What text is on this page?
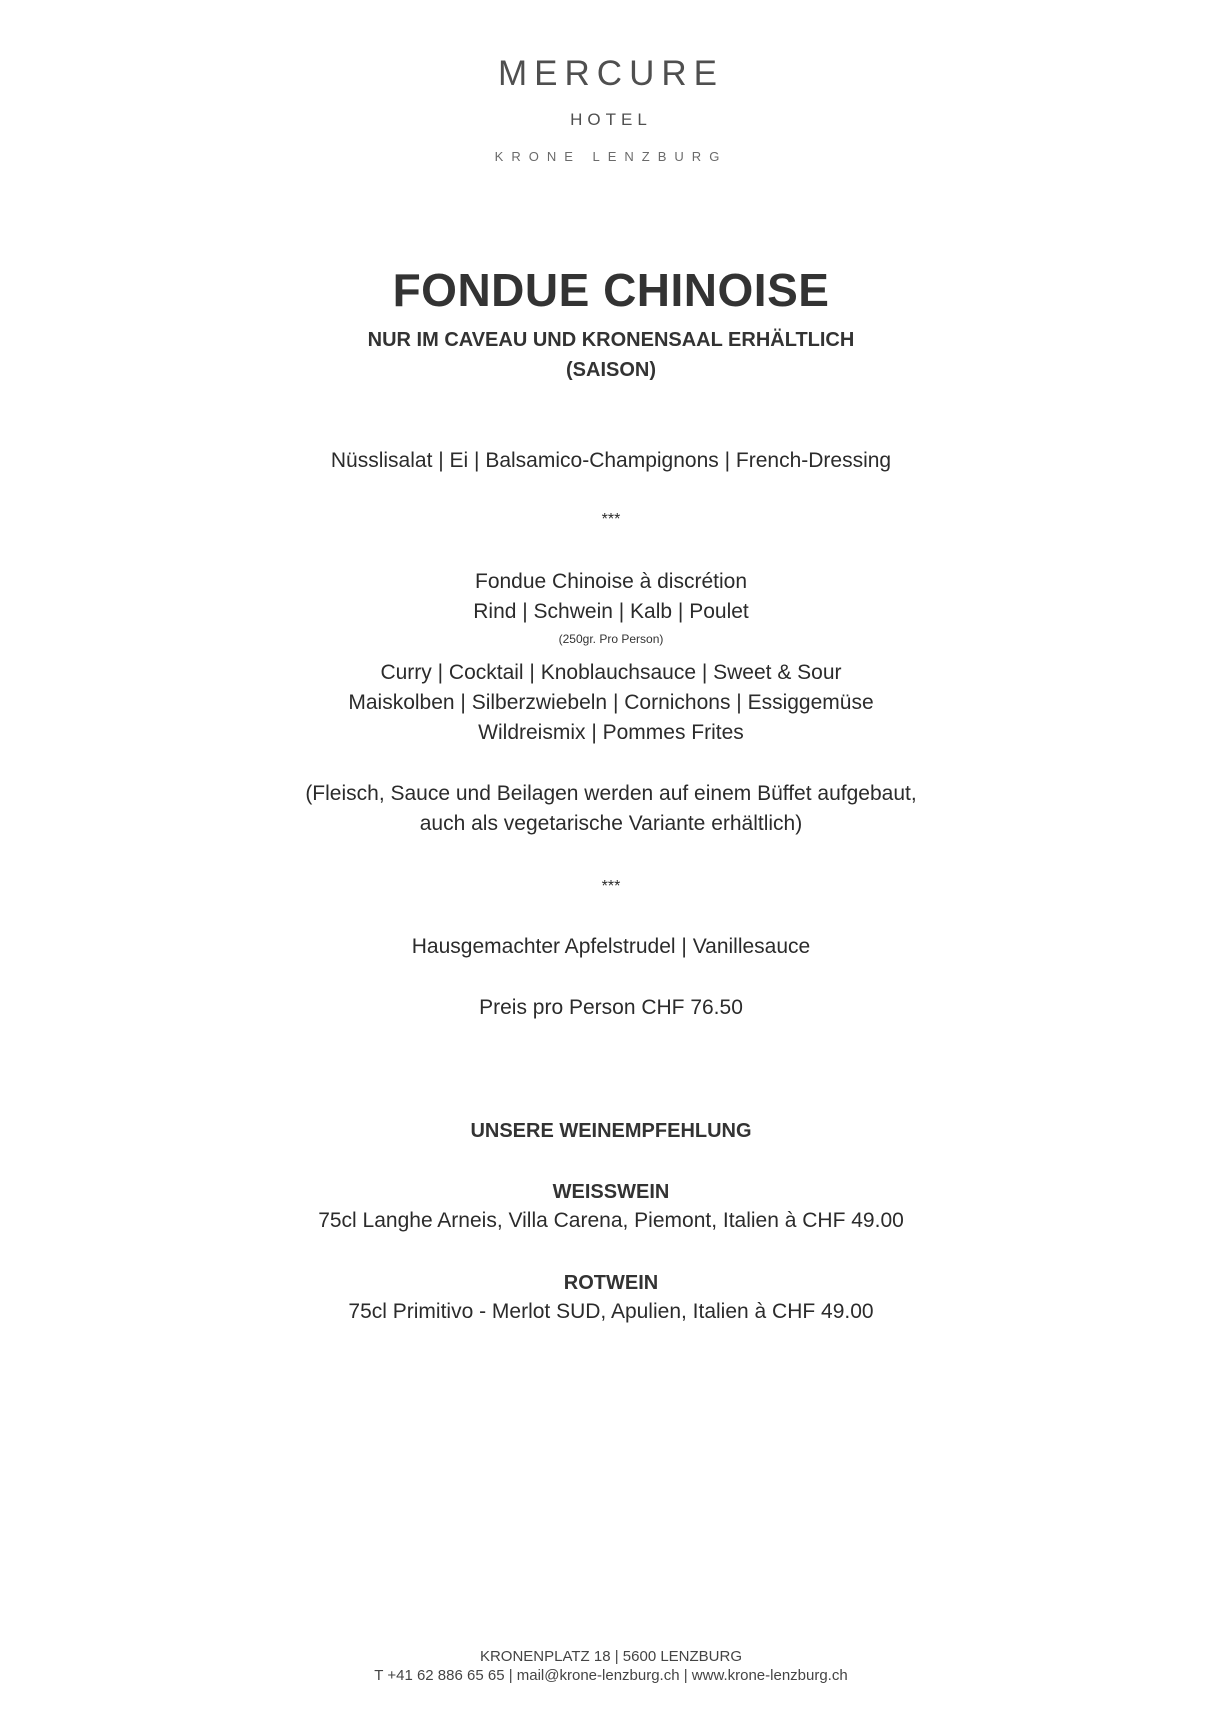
MERCURE
HOTEL
KRONE LENZBURG
FONDUE CHINOISE
NUR IM CAVEAU UND KRONENSAAL ERHÄLTLICH
(SAISON)
Nüsslisalat | Ei | Balsamico-Champignons | French-Dressing
***
Fondue Chinoise à discrétion
Rind | Schwein | Kalb | Poulet
(250gr. Pro Person)
Curry | Cocktail | Knoblauchsauce | Sweet & Sour
Maiskolben | Silberzwiebeln | Cornichons | Essiggemüse
Wildreismix | Pommes Frites
(Fleisch, Sauce und Beilagen werden auf einem Büffet aufgebaut,
auch als vegetarische Variante erhältlich)
***
Hausgemachter Apfelstrudel | Vanillesauce
Preis pro Person CHF 76.50
UNSERE WEINEMPFEHLUNG
WEISSWEIN
75cl Langhe Arneis, Villa Carena, Piemont, Italien à CHF 49.00
ROTWEIN
75cl Primitivo - Merlot SUD, Apulien, Italien à CHF 49.00
KRONENPLATZ 18 | 5600 LENZBURG
T +41 62 886 65 65 | mail@krone-lenzburg.ch | www.krone-lenzburg.ch
